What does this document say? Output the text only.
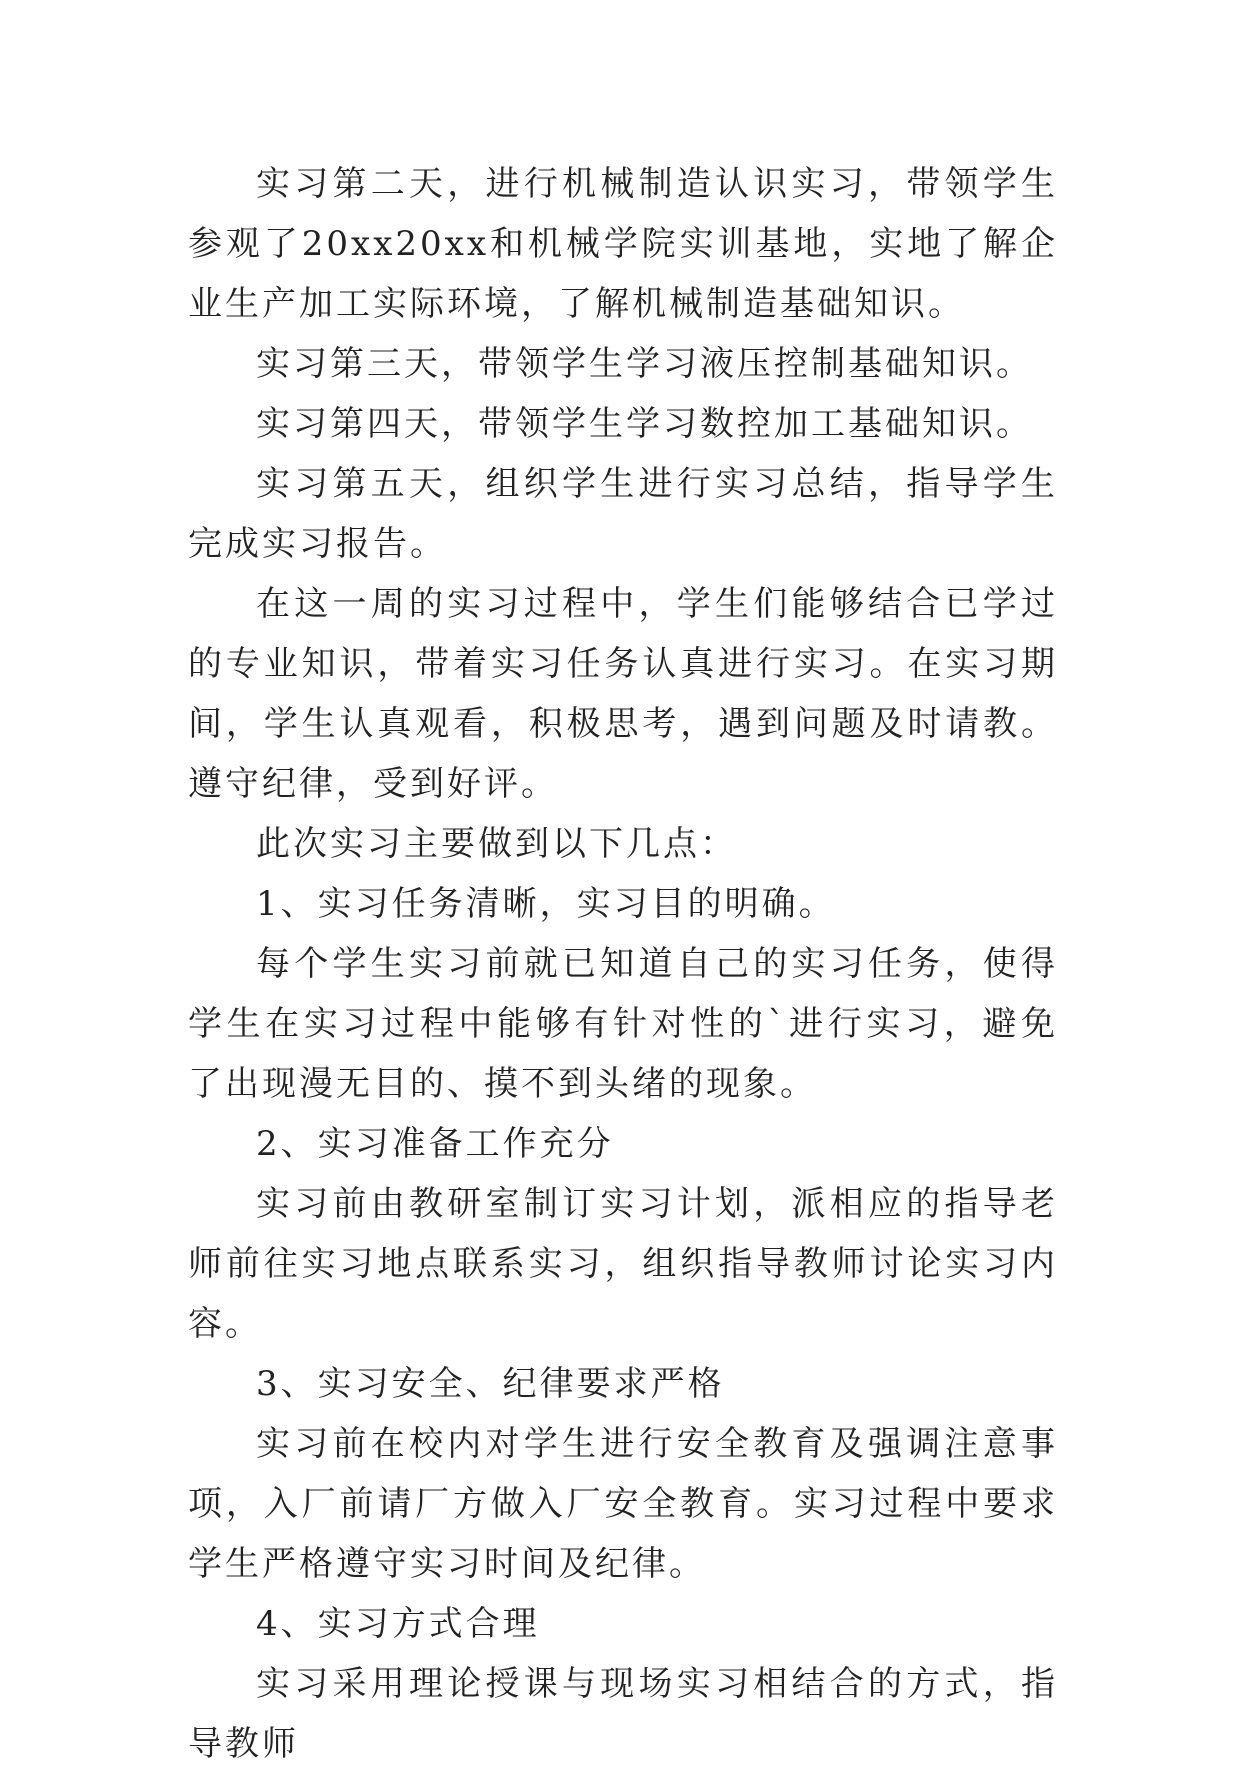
实习第二天，进行机械制造认识实习，带领学生参观了20xx20xx和机械学院实训基地，实地了解企业生产加工实际环境，了解机械制造基础知识。

实习第三天，带领学生学习液压控制基础知识。

实习第四天，带领学生学习数控加工基础知识。

实习第五天，组织学生进行实习总结，指导学生完成实习报告。

在这一周的实习过程中，学生们能够结合已学过的专业知识，带着实习任务认真进行实习。在实习期间，学生认真观看，积极思考，遇到问题及时请教。遵守纪律，受到好评。

此次实习主要做到以下几点：

1、实习任务清晰，实习目的明确。

每个学生实习前就已知道自己的实习任务，使得学生在实习过程中能够有针对性的`进行实习，避免了出现漫无目的、摸不到头绪的现象。

2、实习准备工作充分

实习前由教研室制订实习计划，派相应的指导老师前往实习地点联系实习，组织指导教师讨论实习内容。

3、实习安全、纪律要求严格

实习前在校内对学生进行安全教育及强调注意事项，入厂前请厂方做入厂安全教育。实习过程中要求学生严格遵守实习时间及纪律。

4、实习方式合理

实习采用理论授课与现场实习相结合的方式，指导教师
